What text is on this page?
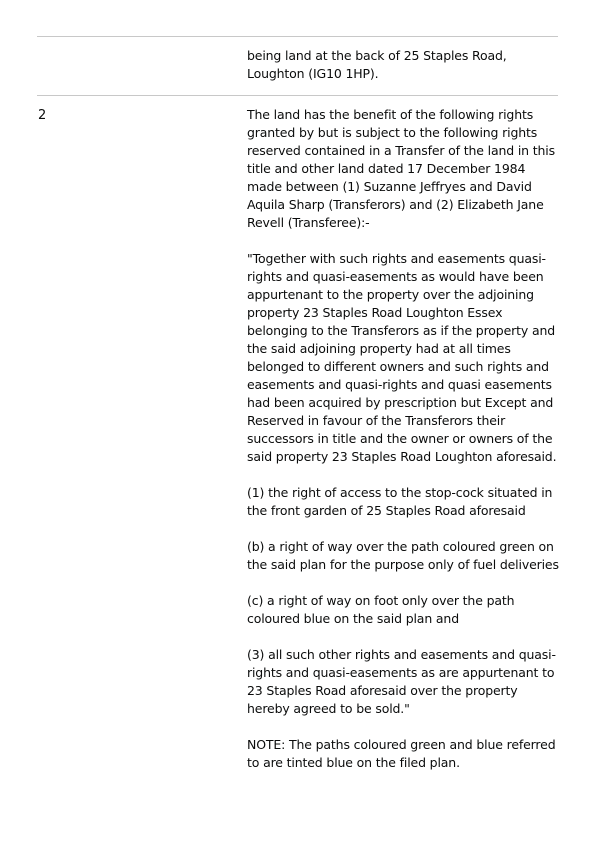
being land at the back of 25 Staples Road, Loughton (IG10 1HP).

2	The land has the benefit of the following rights granted by but is subject to the following rights reserved contained in a Transfer of the land in this title and other land dated 17 December 1984 made between (1) Suzanne Jeffryes and David Aquila Sharp (Transferors) and (2) Elizabeth Jane Revell (Transferee):-

"Together with such rights and easements quasi-rights and quasi-easements as would have been appurtenant to the property over the adjoining property 23 Staples Road Loughton Essex belonging to the Transferors as if the property and the said adjoining property had at all times belonged to different owners and such rights and easements and quasi-rights and quasi easements had been acquired by prescription but Except and Reserved in favour of the Transferors their successors in title and the owner or owners of the said property 23 Staples Road Loughton aforesaid.

(1) the right of access to the stop-cock situated in the front garden of 25 Staples Road aforesaid

(b) a right of way over the path coloured green on the said plan for the purpose only of fuel deliveries

(c) a right of way on foot only over the path coloured blue on the said plan and

(3) all such other rights and easements and quasi-rights and quasi-easements as are appurtenant to 23 Staples Road aforesaid over the property hereby agreed to be sold."

NOTE: The paths coloured green and blue referred to are tinted blue on the filed plan.
